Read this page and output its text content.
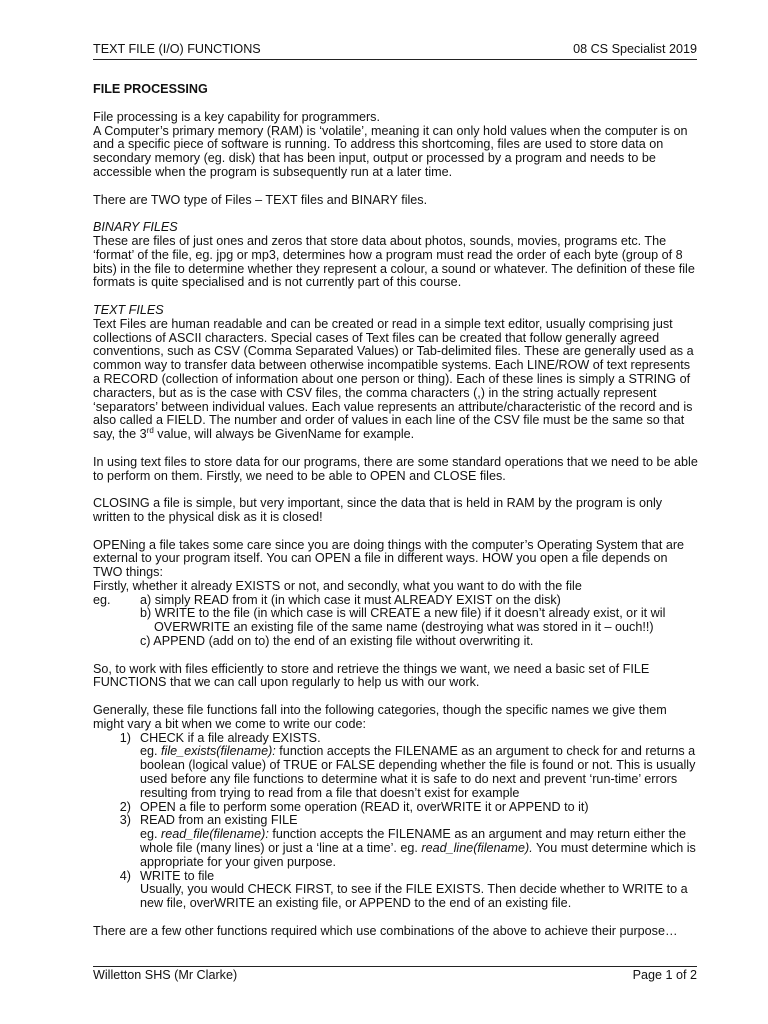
TEXT FILE (I/O) FUNCTIONS	08 CS Specialist 2019

FILE PROCESSING

File processing is a key capability for programmers.

A Computer’s primary memory (RAM) is ‘volatile’, meaning it can only hold values when the computer is on and a specific piece of software is running. To address this shortcoming, files are used to store data on secondary memory (eg. disk) that has been input, output or processed by a program and needs to be accessible when the program is subsequently run at a later time.

There are TWO type of Files – TEXT files and BINARY files.

BINARY FILES

These are files of just ones and zeros that store data about photos, sounds, movies, programs etc. The ‘format’ of the file, eg. jpg or mp3, determines how a program must read the order of each byte (group of 8 bits) in the file to determine whether they represent a colour, a sound or whatever. The definition of these file formats is quite specialised and is not currently part of this course.

TEXT FILES

Text Files are human readable and can be created or read in a simple text editor, usually comprising just collections of ASCII characters. Special cases of Text files can be created that follow generally agreed conventions, such as CSV (Comma Separated Values) or Tab-delimited files. These are generally used as a common way to transfer data between otherwise incompatible systems. Each LINE/ROW of text represents a RECORD (collection of information about one person or thing). Each of these lines is simply a STRING of characters, but as is the case with CSV files, the comma characters (,) in the string actually represent ‘separators’ between individual values. Each value represents an attribute/characteristic of the record and is also called a FIELD. The number and order of values in each line of the CSV file must be the same so that say, the 3rd value, will always be GivenName for example.

In using text files to store data for our programs, there are some standard operations that we need to be able to perform on them. Firstly, we need to be able to OPEN and CLOSE files.

CLOSING a file is simple, but very important, since the data that is held in RAM by the program is only written to the physical disk as it is closed!

OPENing a file takes some care since you are doing things with the computer’s Operating System that are external to your program itself. You can OPEN a file in different ways. HOW you open a file depends on TWO things:

Firstly, whether it already EXISTS or not, and secondly, what you want to do with the file

eg.	a) simply READ from it (in which case it must ALREADY EXIST on the disk)
b) WRITE to the file (in which case is will CREATE a new file) if it doesn’t already exist, or it wil
OVERWRITE an existing file of the same name (destroying what was stored in it – ouch!!)
c) APPEND (add on to) the end of an existing file without overwriting it.

So, to work with files efficiently to store and retrieve the things we want, we need a basic set of FILE FUNCTIONS that we can call upon regularly to help us with our work.

Generally, these file functions fall into the following categories, though the specific names we give them might vary a bit when we come to write our code:

1) CHECK if a file already EXISTS.
eg. file_exists(filename): function accepts the FILENAME as an argument to check for and returns a boolean (logical value) of TRUE or FALSE depending whether the file is found or not. This is usually used before any file functions to determine what it is safe to do next and prevent ‘run-time’ errors resulting from trying to read from a file that doesn’t exist for example
2) OPEN a file to perform some operation (READ it, overWRITE it or APPEND to it)
3) READ from an existing FILE
eg. read_file(filename): function accepts the FILENAME as an argument and may return either the whole file (many lines) or just a ‘line at a time’. eg. read_line(filename). You must determine which is appropriate for your given purpose.
4) WRITE to file
Usually, you would CHECK FIRST, to see if the FILE EXISTS. Then decide whether to WRITE to a new file, overWRITE an existing file, or APPEND to the end of an existing file.

There are a few other functions required which use combinations of the above to achieve their purpose…

Willetton SHS (Mr Clarke)	Page 1 of 2
